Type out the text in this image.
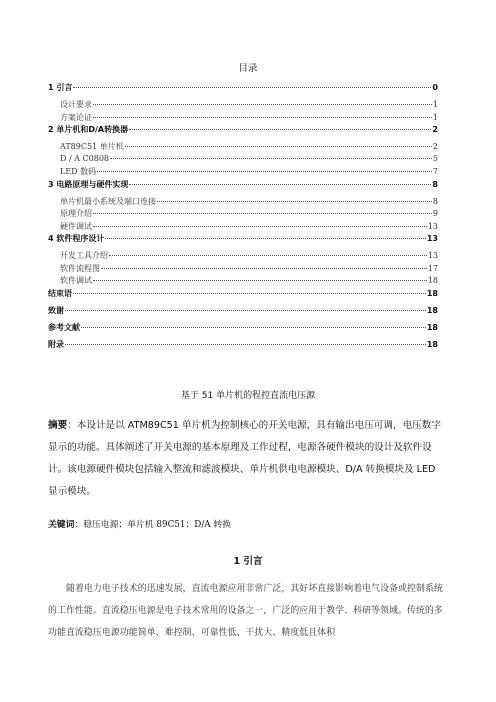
目录
1 引言	0
设计要求	1
方案论证	1
2 单片机和D/A转换器	2
AT89C51 单片机	2
D / A C0808	5
LED 数码	7
3 电路原理与硬件实现	8
单片机最小系统及端口连接	8
原理介绍	9
硬件调试	13
4 软件程序设计	13
开发工具介绍	13
软件流程图	17
软件调试	18
结束语	18
致谢	18
参考文献	18
附录	18
基于 51 单片机的程控直流电压源
摘要：本设计是以 ATM89C51 单片机为控制核心的开关电源，具有输出电压可调，电压数字显示的功能。具体阐述了开关电源的基本原理及工作过程，电源各硬件模块的设计及软件设计。该电源硬件模块包括输入整流和滤波模块、单片机供电电源模块、D/A 转换模块及 LED 显示模块。
关键词：稳压电源；单片机 89C51；D/A 转换
1 引言
随着电力电子技术的迅速发展，直流电源应用非常广泛，其好坏直接影响着电气设备或控制系统的工作性能。直流稳压电源是电子技术常用的设备之一，广泛的应用于教学、科研等领域。传统的多功能直流稳压电源功能简单、难控制、可靠性低、干扰大、精度低且体积
